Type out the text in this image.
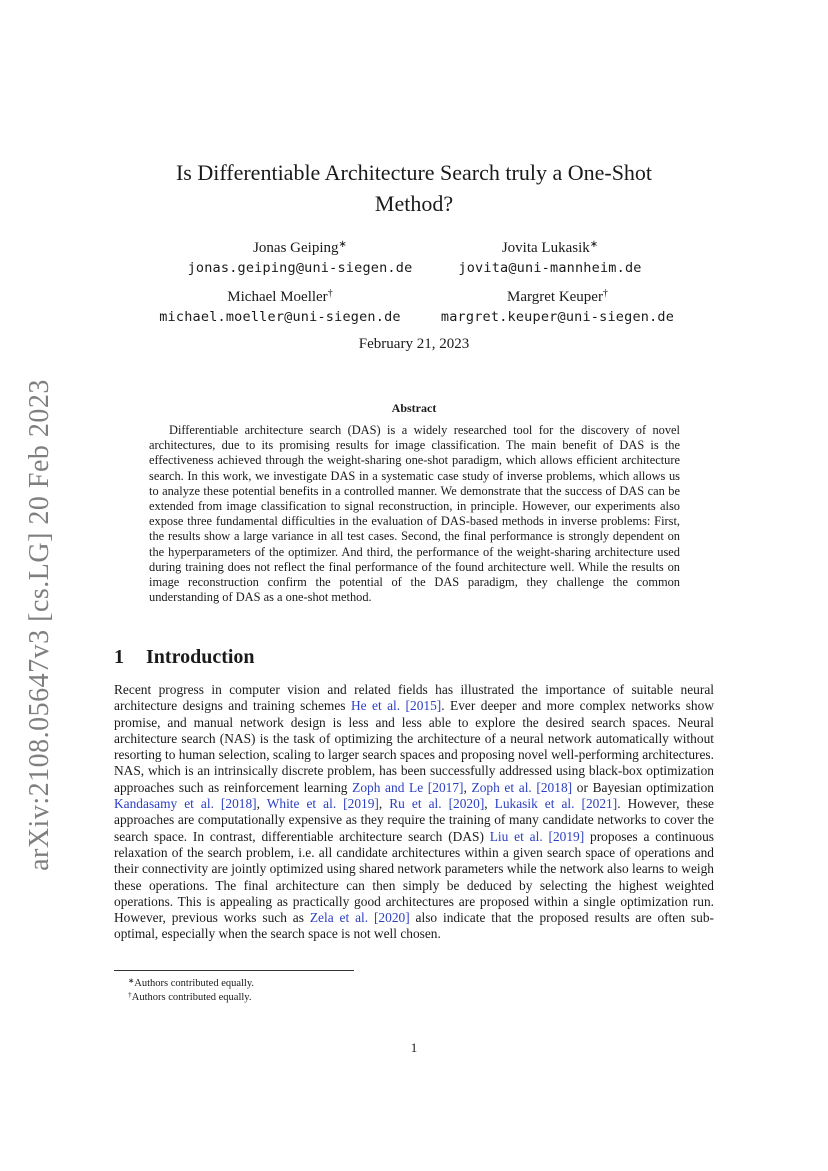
arXiv:2108.05647v3 [cs.LG] 20 Feb 2023
Is Differentiable Architecture Search truly a One-Shot Method?
Jonas Geiping∗
jonas.geiping@uni-siegen.de
Jovita Lukasik∗
jovita@uni-mannheim.de
Michael Moeller†
michael.moeller@uni-siegen.de
Margret Keuper†
margret.keuper@uni-siegen.de
February 21, 2023
Abstract

Differentiable architecture search (DAS) is a widely researched tool for the discovery of novel architectures, due to its promising results for image classification. The main benefit of DAS is the effectiveness achieved through the weight-sharing one-shot paradigm, which allows efficient architecture search. In this work, we investigate DAS in a systematic case study of inverse problems, which allows us to analyze these potential benefits in a controlled manner. We demonstrate that the success of DAS can be extended from image classification to signal reconstruction, in principle. However, our experiments also expose three fundamental difficulties in the evaluation of DAS-based methods in inverse problems: First, the results show a large variance in all test cases. Second, the final performance is strongly dependent on the hyperparameters of the optimizer. And third, the performance of the weight-sharing architecture used during training does not reflect the final performance of the found architecture well. While the results on image reconstruction confirm the potential of the DAS paradigm, they challenge the common understanding of DAS as a one-shot method.

1 Introduction

Recent progress in computer vision and related fields has illustrated the importance of suitable neural architecture designs and training schemes He et al. [2015]. Ever deeper and more complex networks show promise, and manual network design is less and less able to explore the desired search spaces. Neural architecture search (NAS) is the task of optimizing the architecture of a neural network automatically without resorting to human selection, scaling to larger search spaces and proposing novel well-performing architectures. NAS, which is an intrinsically discrete problem, has been successfully addressed using black-box optimization approaches such as reinforcement learning Zoph and Le [2017], Zoph et al. [2018] or Bayesian optimization Kandasamy et al. [2018], White et al. [2019], Ru et al. [2020], Lukasik et al. [2021]. However, these approaches are computationally expensive as they require the training of many candidate networks to cover the search space. In contrast, differentiable architecture search (DAS) Liu et al. [2019] proposes a continuous relaxation of the search problem, i.e. all candidate architectures within a given search space of operations and their connectivity are jointly optimized using shared network parameters while the network also learns to weigh these operations. The final architecture can then simply be deduced by selecting the highest weighted operations. This is appealing as practically good architectures are proposed within a single optimization run. However, previous works such as Zela et al. [2020] also indicate that the proposed results are often sub-optimal, especially when the search space is not well chosen.

∗Authors contributed equally.
†Authors contributed equally.
1
